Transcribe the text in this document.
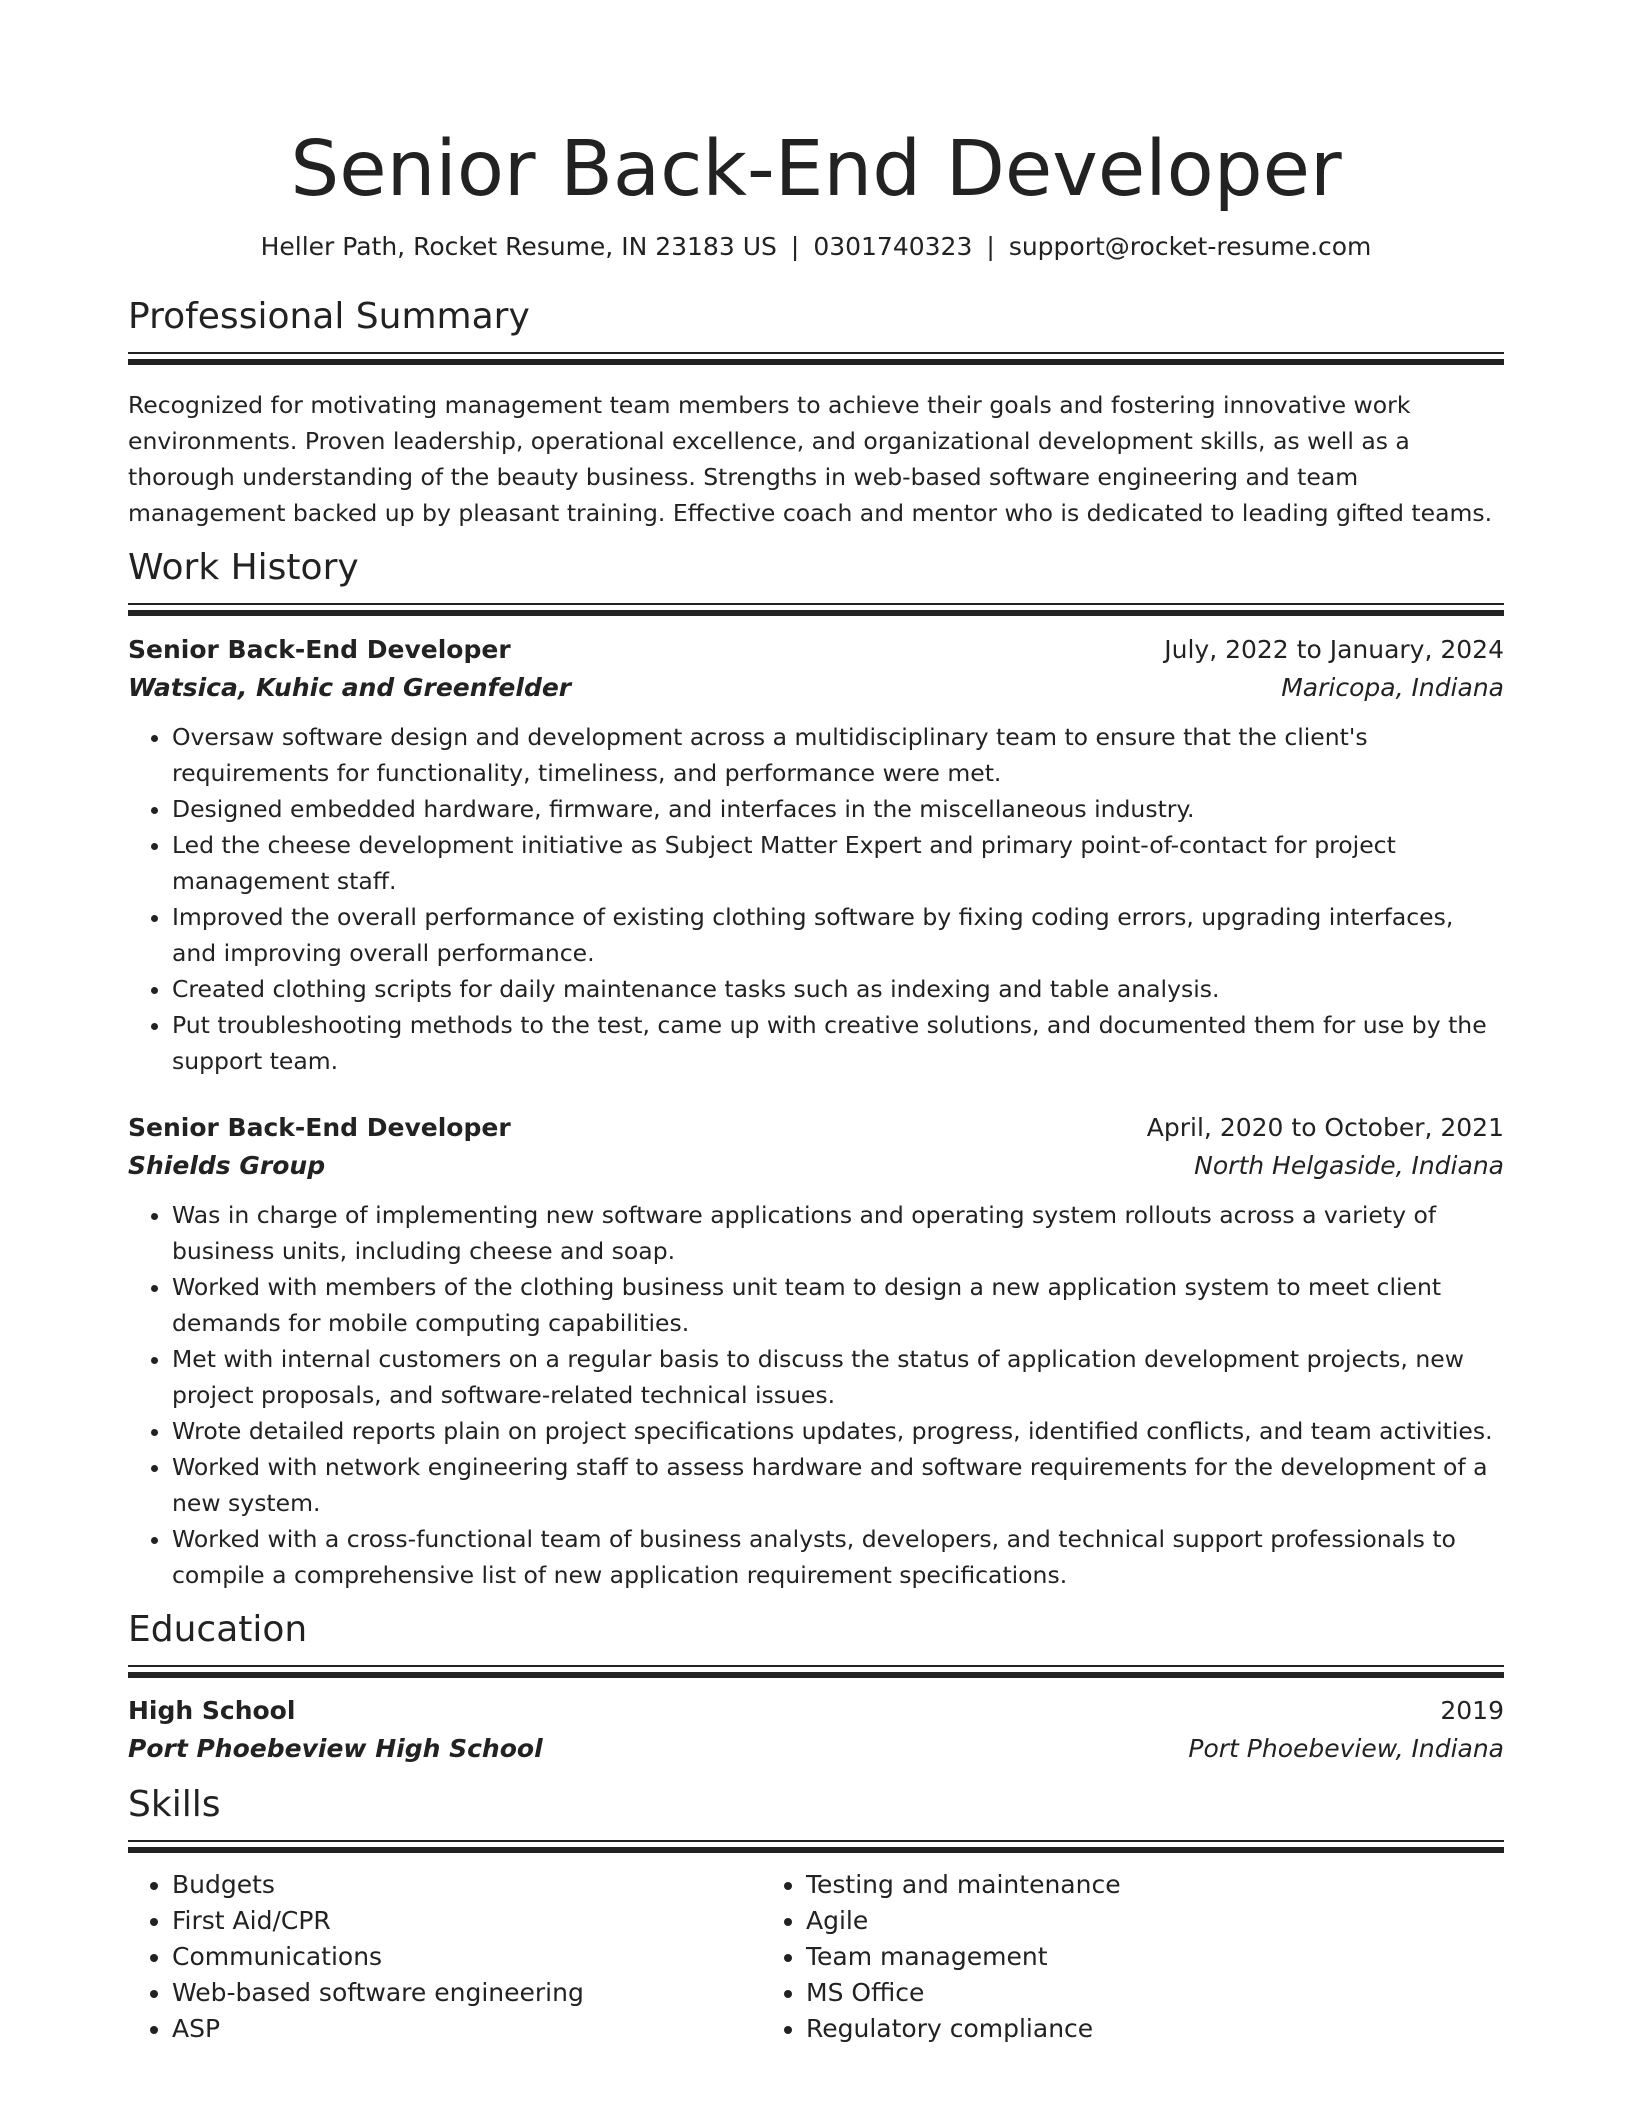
Senior Back-End Developer
Heller Path, Rocket Resume, IN 23183 US | 0301740323 | support@rocket-resume.com
Professional Summary

Recognized for motivating management team members to achieve their goals and fostering innovative work environments. Proven leadership, operational excellence, and organizational development skills, as well as a thorough understanding of the beauty business. Strengths in web-based software engineering and team management backed up by pleasant training. Effective coach and mentor who is dedicated to leading gifted teams.

Work History
Senior Back-End Developer	July, 2022 to January, 2024
Watsica, Kuhic and Greenfelder	Maricopa, Indiana
• Oversaw software design and development across a multidisciplinary team to ensure that the client's requirements for functionality, timeliness, and performance were met.
• Designed embedded hardware, firmware, and interfaces in the miscellaneous industry.
• Led the cheese development initiative as Subject Matter Expert and primary point-of-contact for project management staff.
• Improved the overall performance of existing clothing software by fixing coding errors, upgrading interfaces, and improving overall performance.
• Created clothing scripts for daily maintenance tasks such as indexing and table analysis.
• Put troubleshooting methods to the test, came up with creative solutions, and documented them for use by the support team.
Senior Back-End Developer	April, 2020 to October, 2021
Shields Group	North Helgaside, Indiana
• Was in charge of implementing new software applications and operating system rollouts across a variety of business units, including cheese and soap.
• Worked with members of the clothing business unit team to design a new application system to meet client demands for mobile computing capabilities.
• Met with internal customers on a regular basis to discuss the status of application development projects, new project proposals, and software-related technical issues.
• Wrote detailed reports plain on project specifications updates, progress, identified conflicts, and team activities.
• Worked with network engineering staff to assess hardware and software requirements for the development of a new system.
• Worked with a cross-functional team of business analysts, developers, and technical support professionals to compile a comprehensive list of new application requirement specifications.
Education
High School	2019
Port Phoebeview High School	Port Phoebeview, Indiana
Skills
• Budgets
• First Aid/CPR
• Communications
• Web-based software engineering
• ASP
• Testing and maintenance
• Agile
• Team management
• MS Office
• Regulatory compliance
